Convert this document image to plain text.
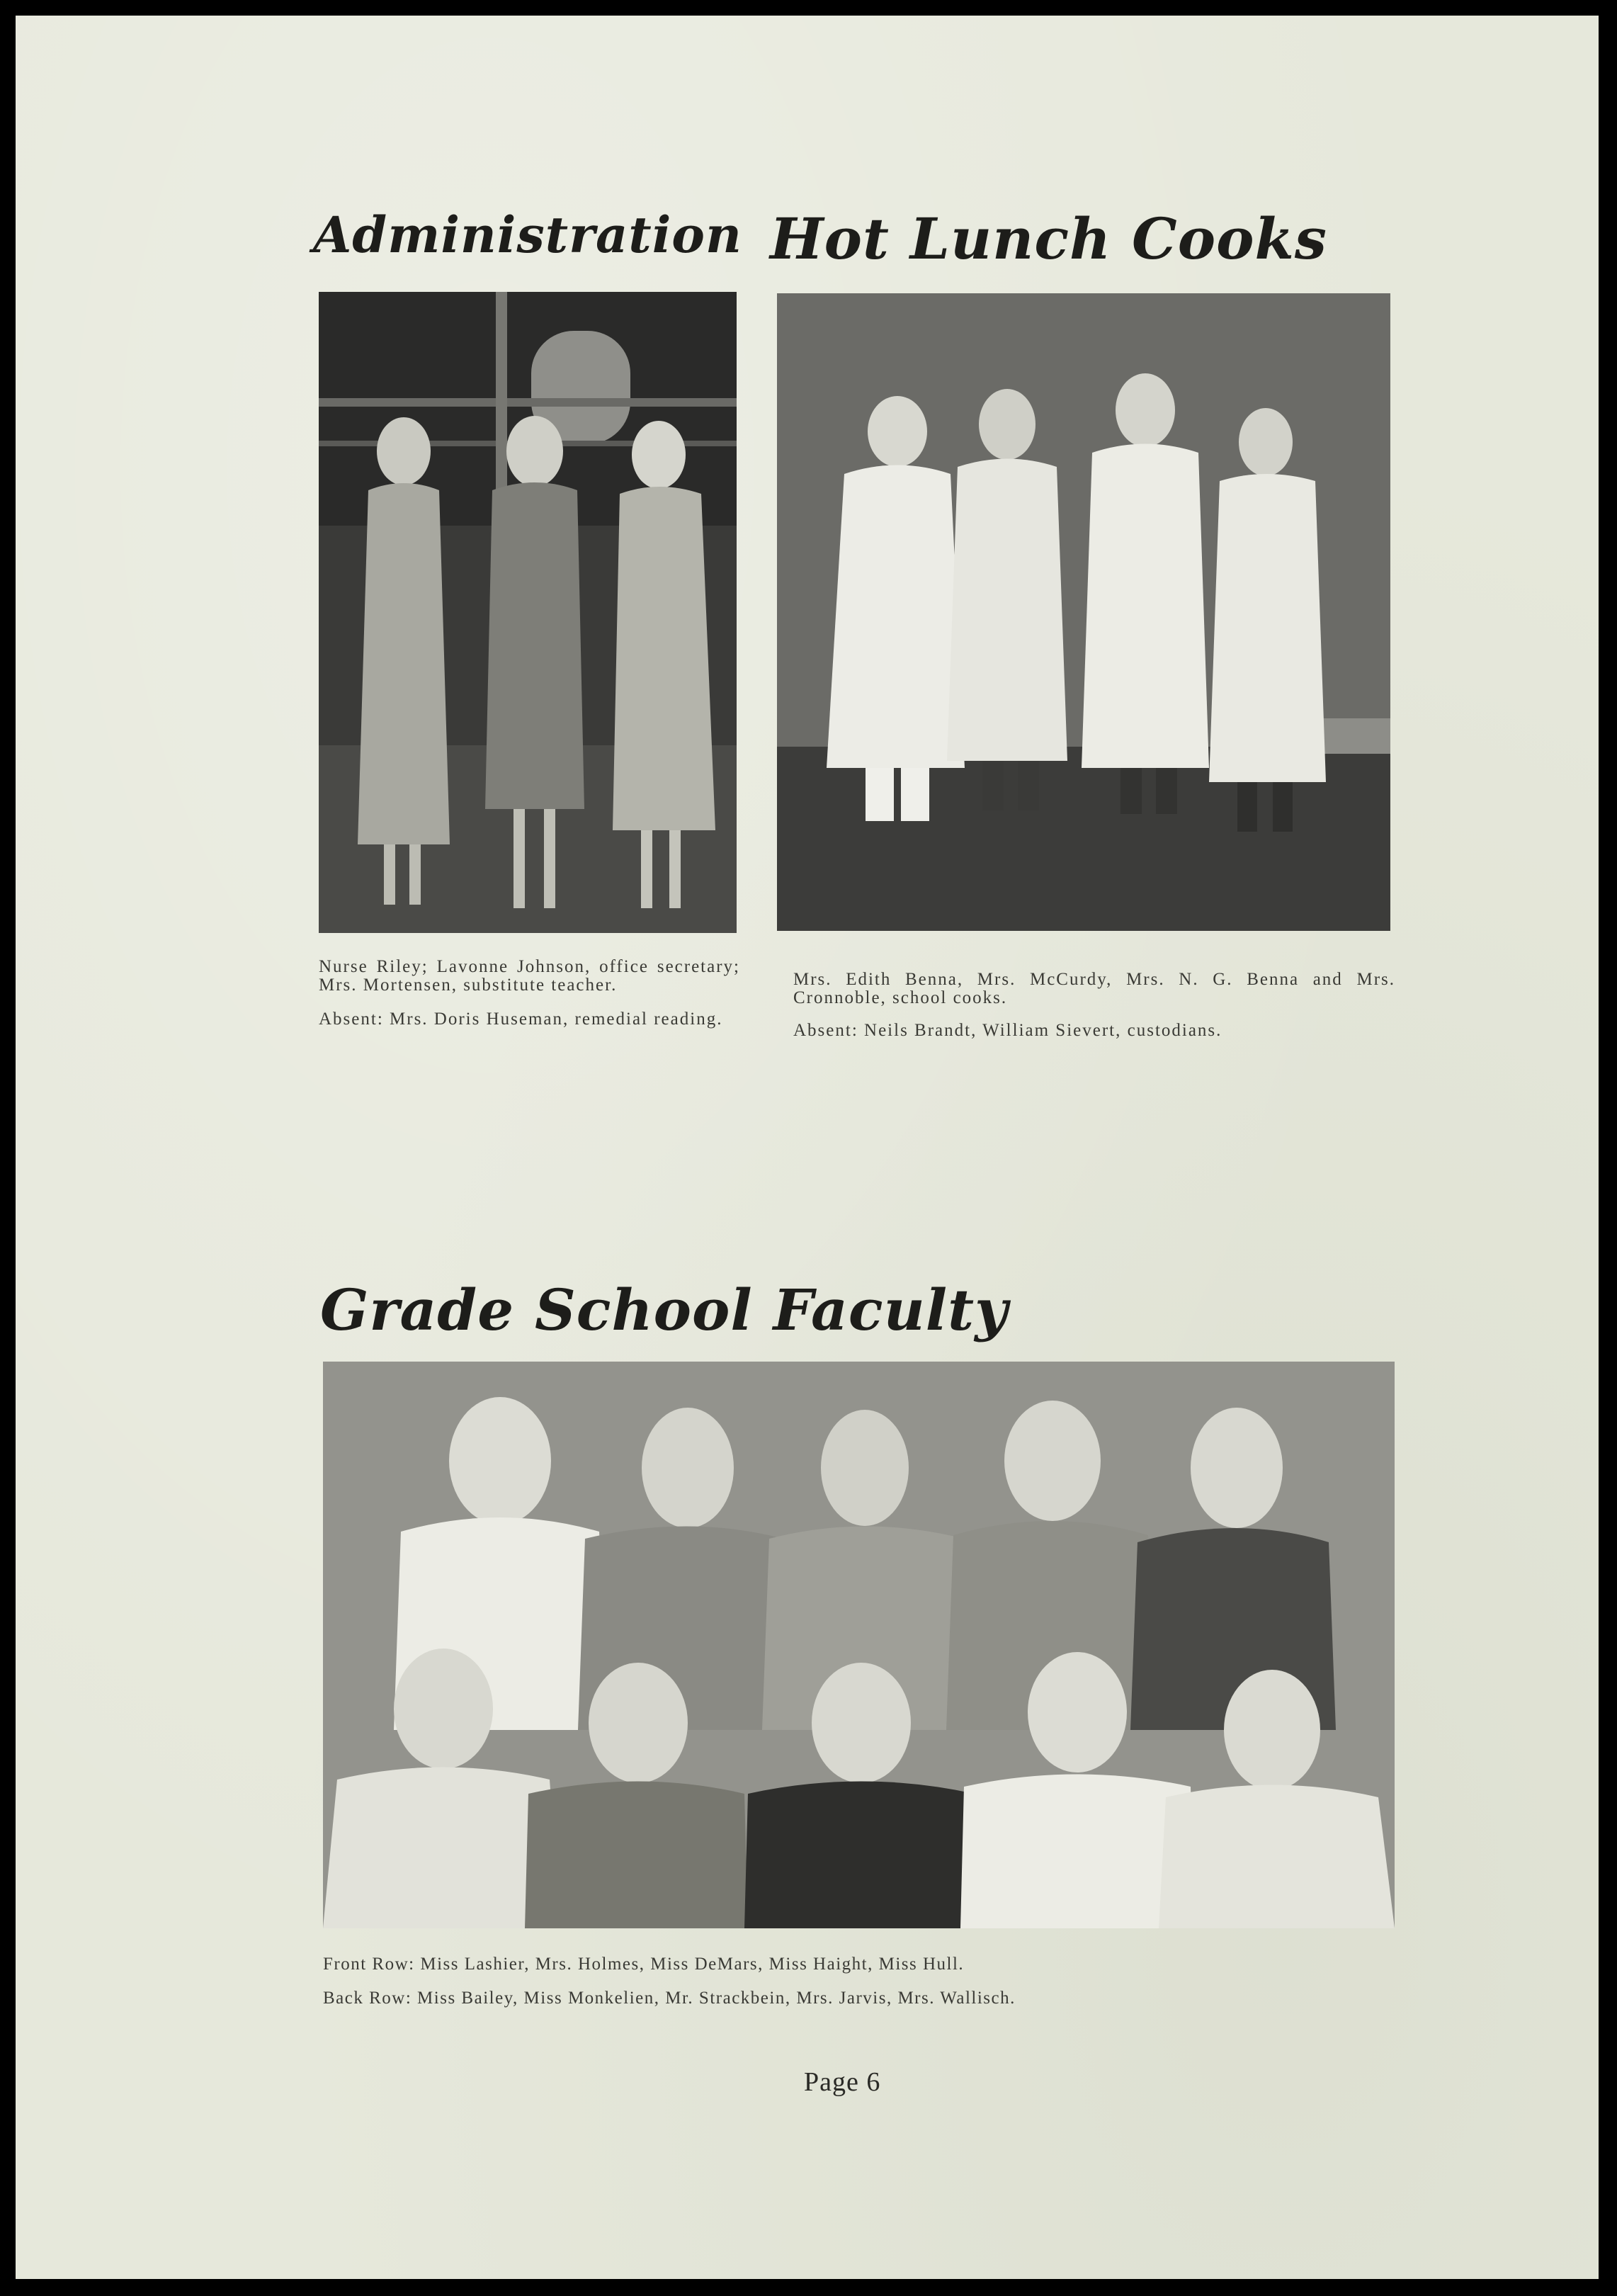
Administration

Nurse Riley; Lavonne Johnson, office secretary; Mrs. Mortensen, substitute teacher.

Absent: Mrs. Doris Huseman, remedial reading.

Hot Lunch Cooks

Mrs. Edith Benna, Mrs. McCurdy, Mrs. N. G. Benna and Mrs. Cronnoble, school cooks.

Absent: Neils Brandt, William Sievert, custodians.

Grade School Faculty

Front Row: Miss Lashier, Mrs. Holmes, Miss DeMars, Miss Haight, Miss Hull.

Back Row: Miss Bailey, Miss Monkelien, Mr. Strackbein, Mrs. Jarvis, Mrs. Wallisch.

Page 6
